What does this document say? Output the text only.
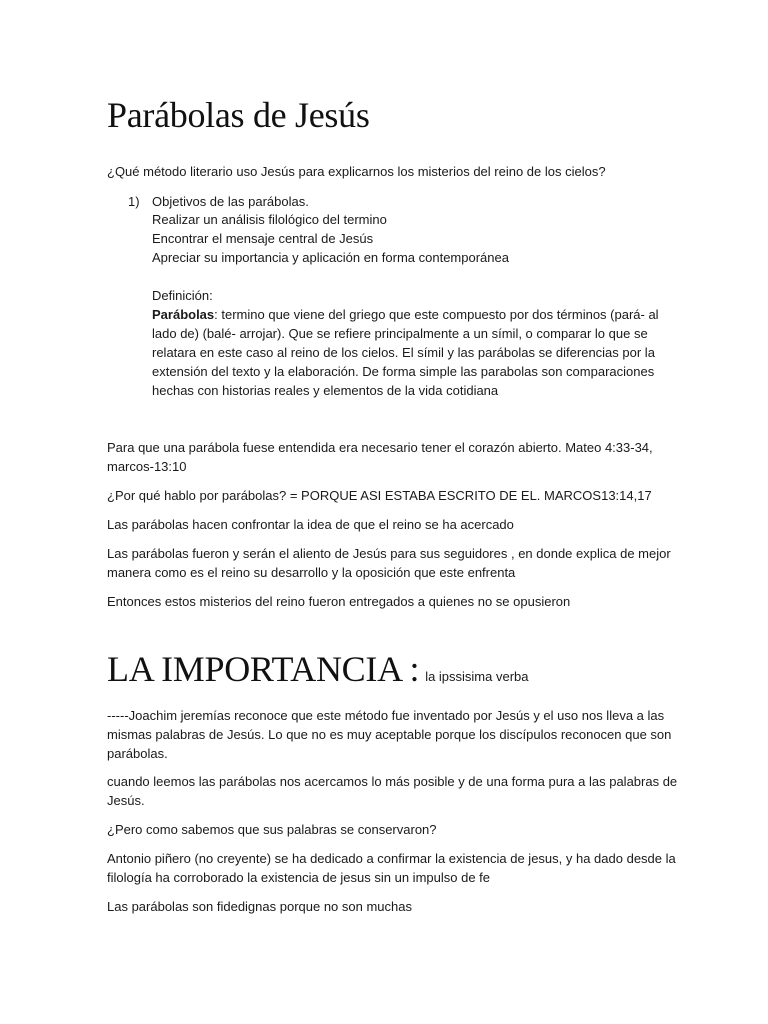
Parábolas de Jesús
¿Qué método literario uso Jesús para explicarnos los misterios del reino de los cielos?
1) Objetivos de las parábolas.
Realizar un análisis filológico del termino
Encontrar el mensaje central de Jesús
Apreciar su importancia y aplicación en forma contemporánea
Definición:
Parábolas: termino que viene del griego que este compuesto por dos términos (pará- al
lado de) (balé- arrojar). Que se refiere principalmente a un símil, o comparar lo que se
relatara en este caso al reino de los cielos. El símil y las parábolas se diferencias por la
extensión del texto y la elaboración. De forma simple las parabolas son comparaciones
hechas con historias reales y elementos de la vida cotidiana
Para que una parábola fuese entendida era necesario tener el corazón abierto. Mateo 4:33-34,
marcos-13:10
¿Por qué hablo por parábolas? = PORQUE ASI ESTABA ESCRITO DE EL. MARCOS13:14,17
Las parábolas hacen confrontar la idea de que el reino se ha acercado
Las parábolas fueron y serán el aliento de Jesús para sus seguidores , en donde explica de mejor
manera como es el reino su desarrollo y la oposición que este enfrenta
Entonces estos misterios del reino fueron entregados a quienes no se opusieron
LA IMPORTANCIA : la ipssisima verba
-----Joachim jeremías reconoce que este método fue inventado por Jesús y el uso nos lleva a las
mismas palabras de Jesús. Lo que no es muy aceptable porque los discípulos reconocen que son
parábolas.
cuando leemos las parábolas nos acercamos lo más posible y de una forma pura a las palabras de
Jesús.
¿Pero como sabemos que sus palabras se conservaron?
Antonio piñero (no creyente) se ha dedicado a confirmar la existencia de jesus, y ha dado desde la
filología ha corroborado la existencia de jesus sin un impulso de fe
Las parábolas son fidedignas porque no son muchas
